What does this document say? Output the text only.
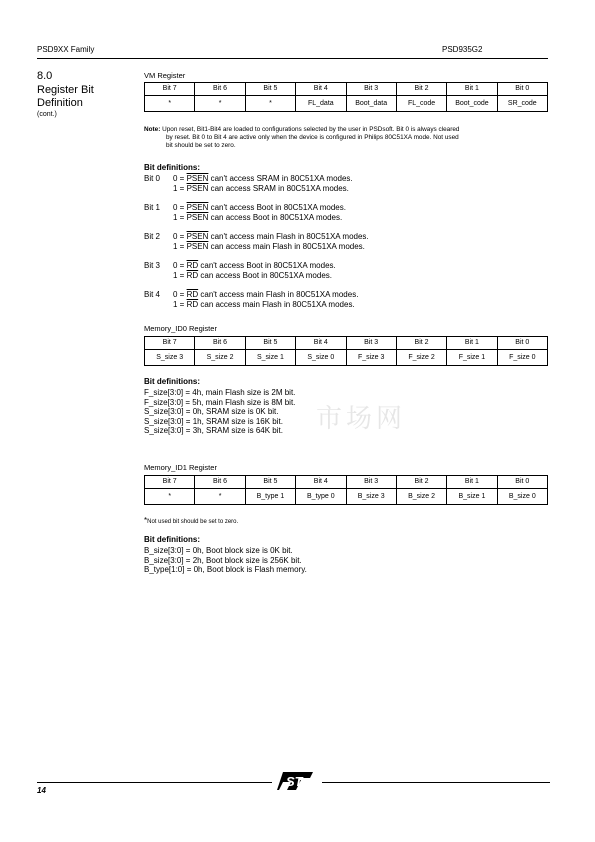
PSD9XX Family	PSD935G2
8.0
Register Bit
Definition
(cont.)
VM Register
Bit 7	Bit 6	Bit 5	Bit 4	Bit 3	Bit 2	Bit 1	Bit 0
*	*	*	FL_data	Boot_data	FL_code	Boot_code	SR_code
Note: Upon reset, Bit1-Bit4 are loaded to configurations selected by the user in PSDsoft. Bit 0 is always cleared
by reset. Bit 0 to Bit 4 are active only when the device is configured in Philips 80C51XA mode. Not used
bit should be set to zero.
Bit definitions:
Bit 0 0 = PSEN can't access SRAM in 80C51XA modes.
1 = PSEN can access SRAM in 80C51XA modes.
Bit 1 0 = PSEN can't access Boot in 80C51XA modes.
1 = PSEN can access Boot in 80C51XA modes.
Bit 2 0 = PSEN can't access main Flash in 80C51XA modes.
1 = PSEN can access main Flash in 80C51XA modes.
Bit 3 $0 = \overline{RD}$ can't access Boot in 80C51XA modes.
$1 = \overline{RD}$ can access Boot in 80C51XA modes.
Bit 4 $0 = \overline{RD}$ can't access main Flash in 80C51XA modes.
$1 = \overline{RD}$ can access main Flash in 80C51XA modes.
Memory_ID0 Register
Bit 7	Bit 6	Bit 5	Bit 4	Bit 3	Bit 2	Bit 1	Bit 0
S_size 3	S_size 2	S_size 1	S_size 0	F_size 3	F_size 2	F_size 1	F_size 0
Bit definitions:
F_size[3:0] = 4h, main Flash size is 2M bit.
F_size[3:0] = 5h, main Flash size is 8M bit.
S_size[3:0] = 0h, SRAM size is 0K bit.
S_size[3:0] = 1h, SRAM size is 16K bit.
S_size[3:0] = 3h, SRAM size is 64K bit.	市场网
Memory_ID1 Register
Bit 7	Bit 6	Bit 5	Bit 4	Bit 3	Bit 2	Bit 1	Bit 0
*	*	B_type 1	B_type 0	B_size 3	B_size 2	B_size 1	B_size 0
*Not used bit should be set to zero.
Bit definitions:
B_size[3:0] = 0h, Boot block size is 0K bit.
B_size[3:0] = 2h, Boot block size is 256K bit.
B_type[1:0] = 0h, Boot block is Flash memory.
ST
14
